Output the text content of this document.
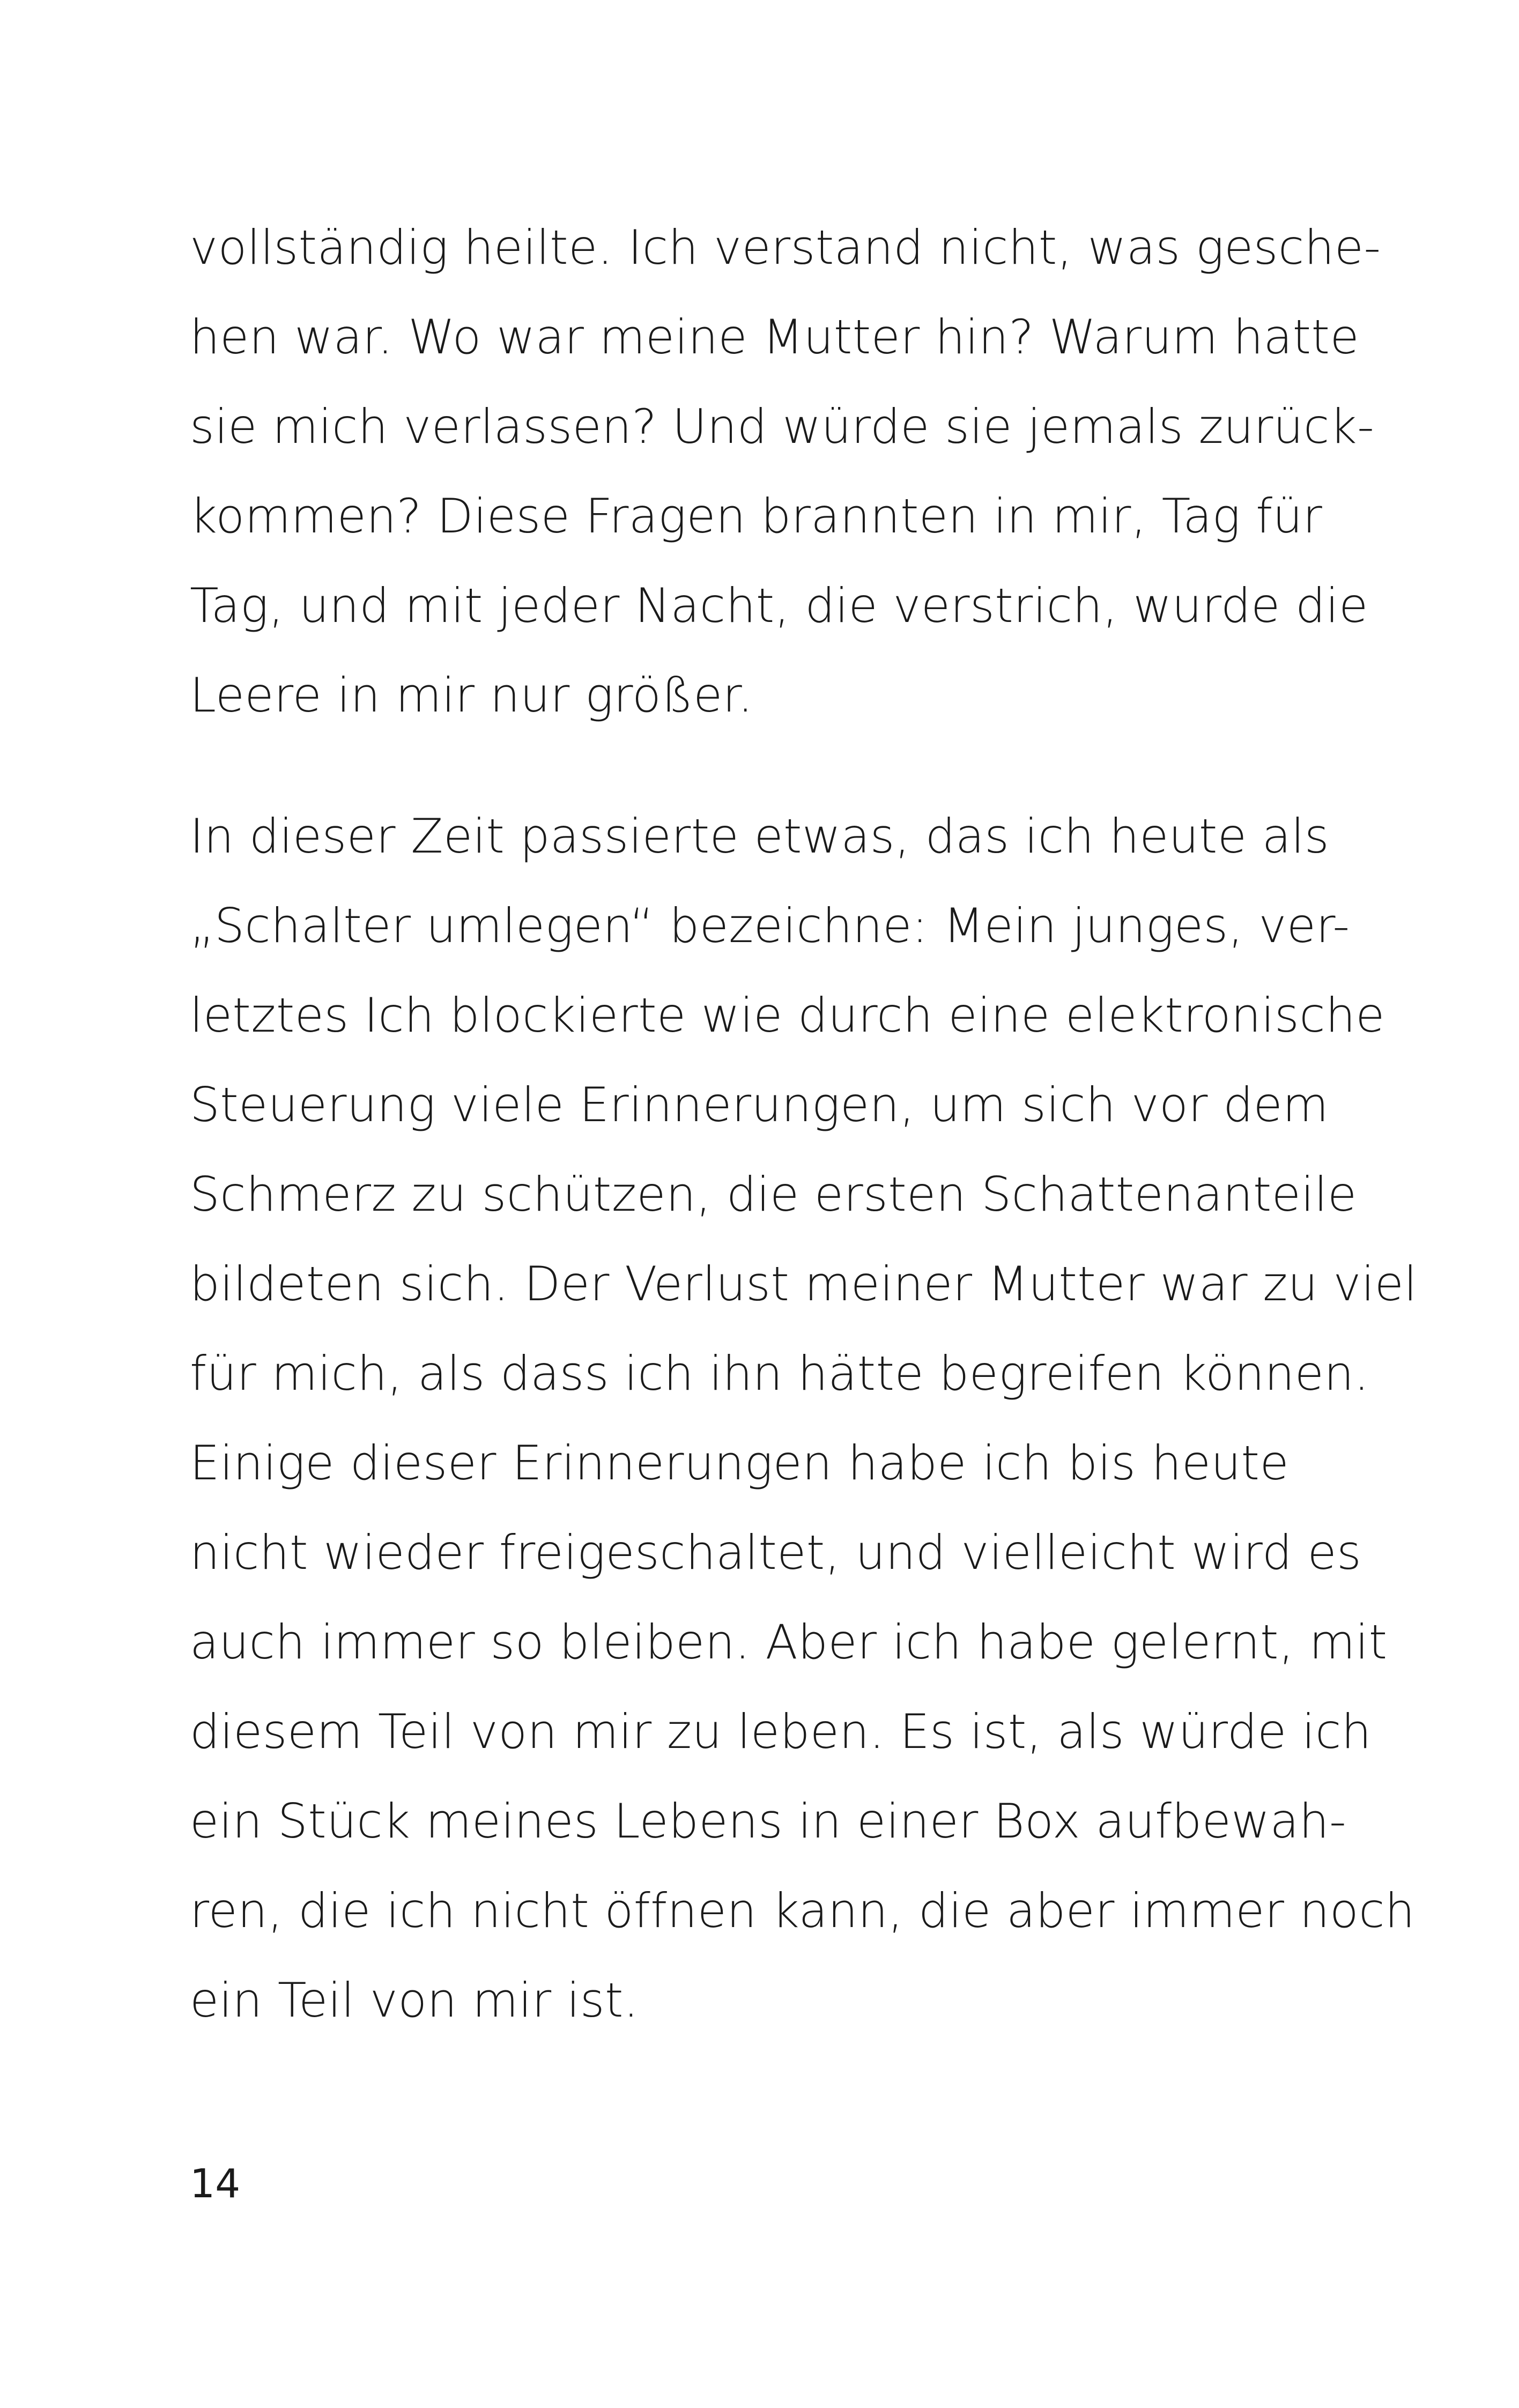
vollständig heilte. Ich verstand nicht, was gesche-
hen war. Wo war meine Mutter hin? Warum hatte
sie mich verlassen? Und würde sie jemals zurück-
kommen? Diese Fragen brannten in mir, Tag für
Tag, und mit jeder Nacht, die verstrich, wurde die
Leere in mir nur größer.
In dieser Zeit passierte etwas, das ich heute als
„Schalter umlegen“ bezeichne: Mein junges, ver-
letztes Ich blockierte wie durch eine elektronische
Steuerung viele Erinnerungen, um sich vor dem
Schmerz zu schützen, die ersten Schattenanteile
bildeten sich. Der Verlust meiner Mutter war zu viel
für mich, als dass ich ihn hätte begreifen können.
Einige dieser Erinnerungen habe ich bis heute
nicht wieder freigeschaltet, und vielleicht wird es
auch immer so bleiben. Aber ich habe gelernt, mit
diesem Teil von mir zu leben. Es ist, als würde ich
ein Stück meines Lebens in einer Box aufbewah-
ren, die ich nicht öffnen kann, die aber immer noch
ein Teil von mir ist.
14
